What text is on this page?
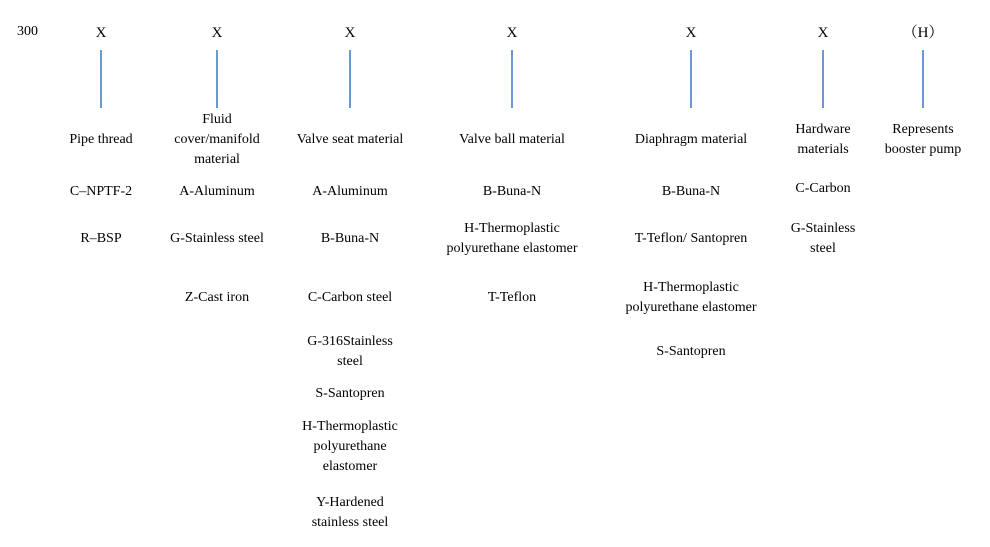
300	X
Pipe thread
C–NPTF-2
R–BSP
X
Fluid cover/manifold material
A-Aluminum
G-Stainless steel
Z-Cast iron
X
Valve seat material
A-Aluminum
B-Buna-N
C-Carbon steel
G-316Stainless steel
S-Santopren
H-Thermoplastic polyurethane elastomer
Y-Hardened stainless steel
X
Valve ball material
B-Buna-N
H-Thermoplastic polyurethane elastomer
T-Teflon
X
Diaphragm material
B-Buna-N
T-Teflon/ Santopren
H-Thermoplastic polyurethane elastomer
S-Santopren
X
Hardware materials
C-Carbon
G-Stainless steel
（H）
Represents booster pump
